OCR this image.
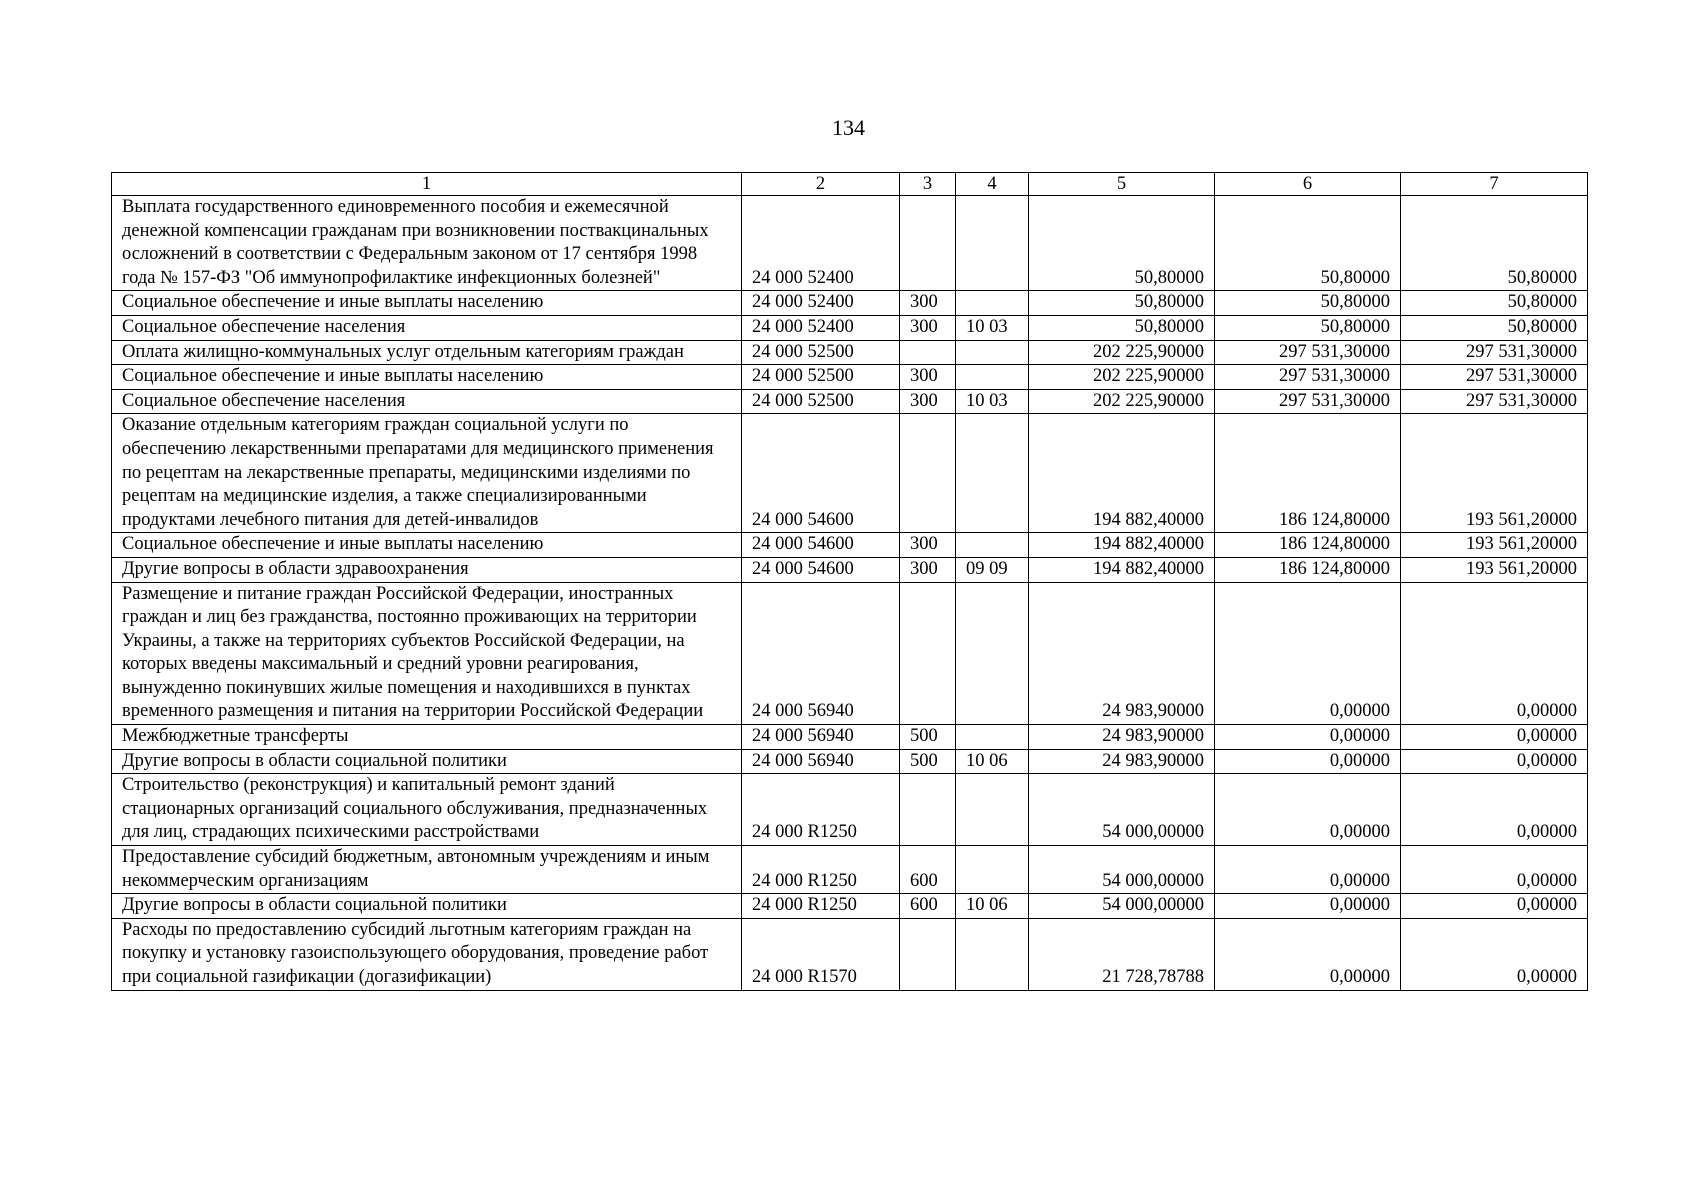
134
1	2	3	4	5	6	7
Выплата государственного единовременного пособия и ежемесячной денежной компенсации гражданам при возникновении поствакцинальных осложнений в соответствии с Федеральным законом от 17 сентября 1998 года № 157-ФЗ "Об иммунопрофилактике инфекционных болезней"	24 000 52400			50,80000	50,80000	50,80000
Социальное обеспечение и иные выплаты населению	24 000 52400	300		50,80000	50,80000	50,80000
Социальное обеспечение населения	24 000 52400	300	10 03	50,80000	50,80000	50,80000
Оплата жилищно-коммунальных услуг отдельным категориям граждан	24 000 52500			202 225,90000	297 531,30000	297 531,30000
Социальное обеспечение и иные выплаты населению	24 000 52500	300		202 225,90000	297 531,30000	297 531,30000
Социальное обеспечение населения	24 000 52500	300	10 03	202 225,90000	297 531,30000	297 531,30000
Оказание отдельным категориям граждан социальной услуги по обеспечению лекарственными препаратами для медицинского применения по рецептам на лекарственные препараты, медицинскими изделиями по рецептам на медицинские изделия, а также специализированными продуктами лечебного питания для детей-инвалидов	24 000 54600			194 882,40000	186 124,80000	193 561,20000
Социальное обеспечение и иные выплаты населению	24 000 54600	300		194 882,40000	186 124,80000	193 561,20000
Другие вопросы в области здравоохранения	24 000 54600	300	09 09	194 882,40000	186 124,80000	193 561,20000
Размещение и питание граждан Российской Федерации, иностранных граждан и лиц без гражданства, постоянно проживающих на территории Украины, а также на территориях субъектов Российской Федерации, на которых введены максимальный и средний уровни реагирования, вынужденно покинувших жилые помещения и находившихся в пунктах временного размещения и питания на территории Российской Федерации	24 000 56940			24 983,90000	0,00000	0,00000
Межбюджетные трансферты	24 000 56940	500		24 983,90000	0,00000	0,00000
Другие вопросы в области социальной политики	24 000 56940	500	10 06	24 983,90000	0,00000	0,00000
Строительство (реконструкция) и капитальный ремонт зданий стационарных организаций социального обслуживания, предназначенных для лиц, страдающих психическими расстройствами	24 000 R1250			54 000,00000	0,00000	0,00000
Предоставление субсидий бюджетным, автономным учреждениям и иным некоммерческим организациям	24 000 R1250	600		54 000,00000	0,00000	0,00000
Другие вопросы в области социальной политики	24 000 R1250	600	10 06	54 000,00000	0,00000	0,00000
Расходы по предоставлению субсидий льготным категориям граждан на покупку и установку газоиспользующего оборудования, проведение работ при социальной газификации (догазификации)	24 000 R1570			21 728,78788	0,00000	0,00000
